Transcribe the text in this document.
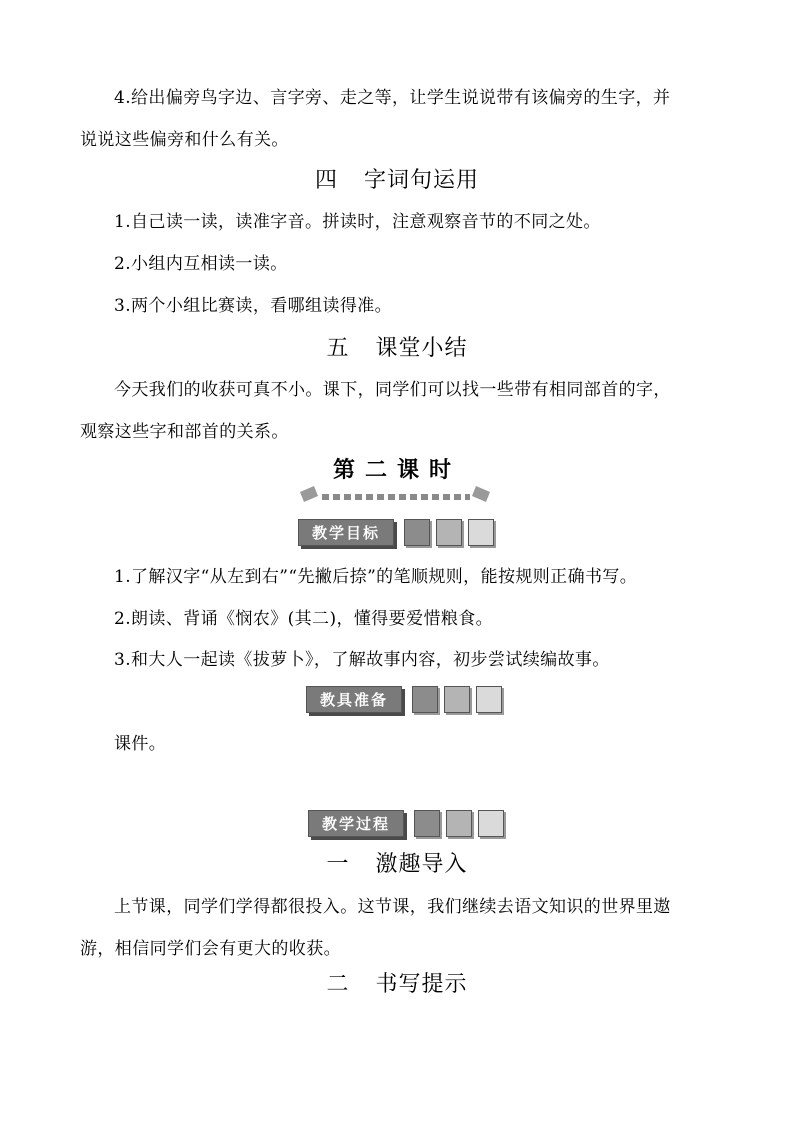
4.给出偏旁鸟字边、言字旁、走之等，让学生说说带有该偏旁的生字，并
说说这些偏旁和什么有关。
四 字词句运用
1.自己读一读，读准字音。拼读时，注意观察音节的不同之处。
2.小组内互相读一读。
3.两个小组比赛读，看哪组读得准。
五 课堂小结
今天我们的收获可真不小。课下，同学们可以找一些带有相同部首的字，
观察这些字和部首的关系。
第二课时
教学目标
1.了解汉字“从左到右”“先撇后捺”的笔顺规则，能按规则正确书写。
2.朗读、背诵《悯农》(其二)，懂得要爱惜粮食。
3.和大人一起读《拔萝卜》，了解故事内容，初步尝试续编故事。
教具准备
课件。
教学过程
一 激趣导入
上节课，同学们学得都很投入。这节课，我们继续去语文知识的世界里遨
游，相信同学们会有更大的收获。
二 书写提示
